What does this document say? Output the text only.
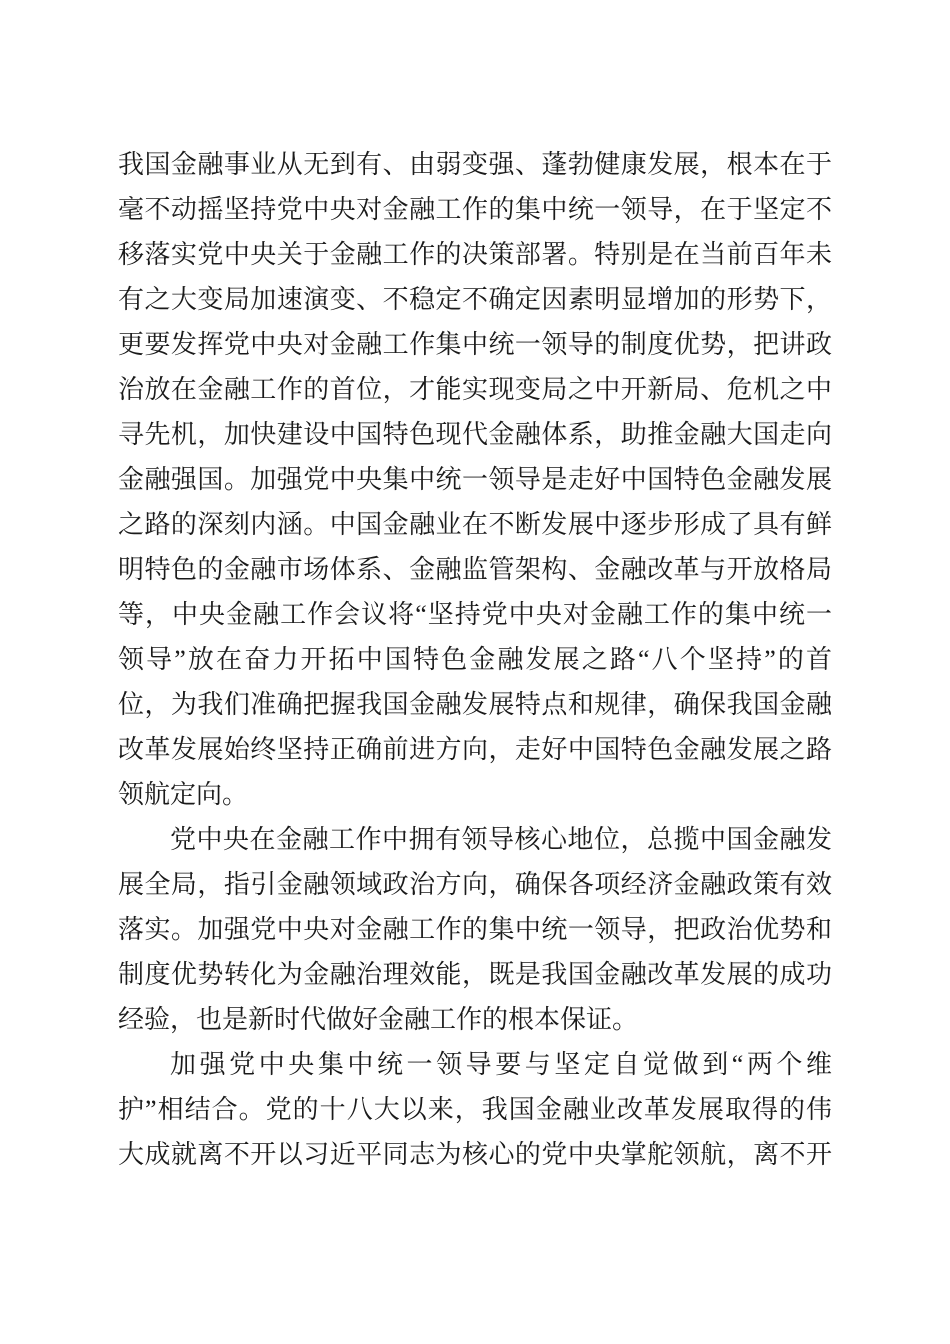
我国金融事业从无到有、由弱变强、蓬勃健康发展，根本在于
毫不动摇坚持党中央对金融工作的集中统一领导，在于坚定不
移落实党中央关于金融工作的决策部署。特别是在当前百年未
有之大变局加速演变、不稳定不确定因素明显增加的形势下，
更要发挥党中央对金融工作集中统一领导的制度优势，把讲政
治放在金融工作的首位，才能实现变局之中开新局、危机之中
寻先机，加快建设中国特色现代金融体系，助推金融大国走向
金融强国。加强党中央集中统一领导是走好中国特色金融发展
之路的深刻内涵。中国金融业在不断发展中逐步形成了具有鲜
明特色的金融市场体系、金融监管架构、金融改革与开放格局
等，中央金融工作会议将“坚持党中央对金融工作的集中统一
领导”放在奋力开拓中国特色金融发展之路“八个坚持”的首
位，为我们准确把握我国金融发展特点和规律，确保我国金融
改革发展始终坚持正确前进方向，走好中国特色金融发展之路
领航定向。
党中央在金融工作中拥有领导核心地位，总揽中国金融发
展全局，指引金融领域政治方向，确保各项经济金融政策有效
落实。加强党中央对金融工作的集中统一领导，把政治优势和
制度优势转化为金融治理效能，既是我国金融改革发展的成功
经验，也是新时代做好金融工作的根本保证。
加强党中央集中统一领导要与坚定自觉做到“两个维
护”相结合。党的十八大以来，我国金融业改革发展取得的伟
大成就离不开以习近平同志为核心的党中央掌舵领航，离不开
